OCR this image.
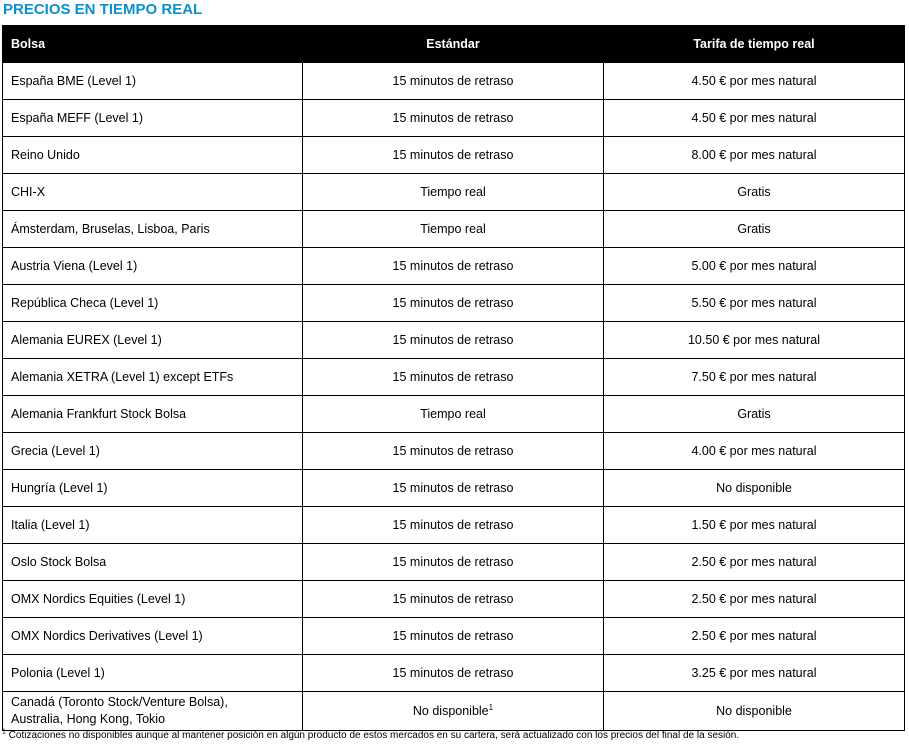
PRECIOS EN TIEMPO REAL
Bolsa	Estándar	Tarifa de tiempo real
España BME (Level 1)	15 minutos de retraso	4.50 € por mes natural
España MEFF (Level 1)	15 minutos de retraso	4.50 € por mes natural
Reino Unido	15 minutos de retraso	8.00 € por mes natural
CHI-X	Tiempo real	Gratis
Ámsterdam, Bruselas, Lisboa, Paris	Tiempo real	Gratis
Austria Viena (Level 1)	15 minutos de retraso	5.00 € por mes natural
República Checa (Level 1)	15 minutos de retraso	5.50 € por mes natural
Alemania EUREX (Level 1)	15 minutos de retraso	10.50 € por mes natural
Alemania XETRA (Level 1) except ETFs	15 minutos de retraso	7.50 € por mes natural
Alemania Frankfurt Stock Bolsa	Tiempo real	Gratis
Grecia (Level 1)	15 minutos de retraso	4.00 € por mes natural
Hungría (Level 1)	15 minutos de retraso	No disponible
Italia (Level 1)	15 minutos de retraso	1.50 € por mes natural
Oslo Stock Bolsa	15 minutos de retraso	2.50 € por mes natural
OMX Nordics Equities (Level 1)	15 minutos de retraso	2.50 € por mes natural
OMX Nordics Derivatives (Level 1)	15 minutos de retraso	2.50 € por mes natural
Polonia (Level 1)	15 minutos de retraso	3.25 € por mes natural
Canadá (Toronto Stock/Venture Bolsa),
Australia, Hong Kong, Tokio	No disponible$^1$	No disponible
$^1$ Cotizaciones no disponibles aunque al mantener posición en algún producto de estos mercados en su cartera, será actualizado con los precios del final de la sesión.
